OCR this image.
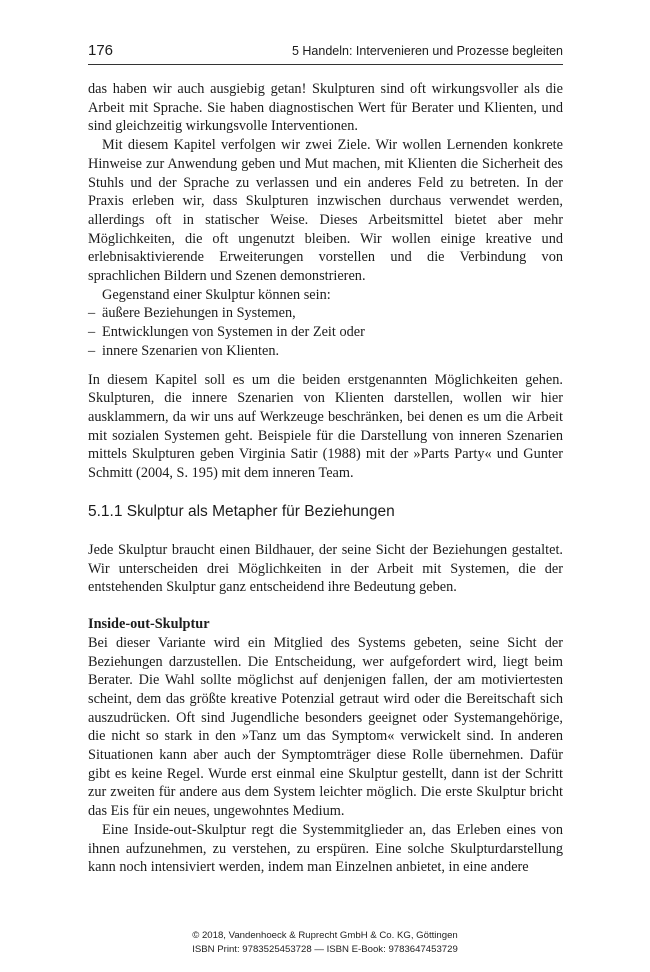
176	5 Handeln: Intervenieren und Prozesse begleiten

das haben wir auch ausgiebig getan! Skulpturen sind oft wirkungsvoller als die Arbeit mit Sprache. Sie haben diagnostischen Wert für Berater und Klienten, und sind gleichzeitig wirkungsvolle Interventionen.

Mit diesem Kapitel verfolgen wir zwei Ziele. Wir wollen Lernenden konkrete Hinweise zur Anwendung geben und Mut machen, mit Klienten die Sicherheit des Stuhls und der Sprache zu verlassen und ein anderes Feld zu betreten. In der Praxis erleben wir, dass Skulpturen inzwischen durchaus verwendet werden, allerdings oft in statischer Weise. Dieses Arbeitsmittel bietet aber mehr Möglichkeiten, die oft ungenutzt bleiben. Wir wollen einige kreative und erlebnisaktivierende Erweiterungen vorstellen und die Verbindung von sprachlichen Bildern und Szenen demonstrieren.

Gegenstand einer Skulptur können sein:

– äußere Beziehungen in Systemen,
– Entwicklungen von Systemen in der Zeit oder
– innere Szenarien von Klienten.

In diesem Kapitel soll es um die beiden erstgenannten Möglichkeiten gehen. Skulpturen, die innere Szenarien von Klienten darstellen, wollen wir hier ausklammern, da wir uns auf Werkzeuge beschränken, bei denen es um die Arbeit mit sozialen Systemen geht. Beispiele für die Darstellung von inneren Szenarien mittels Skulpturen geben Virginia Satir (1988) mit der »Parts Party« und Gunter Schmitt (2004, S. 195) mit dem inneren Team.

5.1.1 Skulptur als Metapher für Beziehungen

Jede Skulptur braucht einen Bildhauer, der seine Sicht der Beziehungen gestaltet. Wir unterscheiden drei Möglichkeiten in der Arbeit mit Systemen, die der entstehenden Skulptur ganz entscheidend ihre Bedeutung geben.

Inside-out-Skulptur

Bei dieser Variante wird ein Mitglied des Systems gebeten, seine Sicht der Beziehungen darzustellen. Die Entscheidung, wer aufgefordert wird, liegt beim Berater. Die Wahl sollte möglichst auf denjenigen fallen, der am motiviertesten scheint, dem das größte kreative Potenzial getraut wird oder die Bereitschaft sich auszudrücken. Oft sind Jugendliche besonders geeignet oder Systemangehörige, die nicht so stark in den »Tanz um das Symptom« verwickelt sind. In anderen Situationen kann aber auch der Symptomträger diese Rolle übernehmen. Dafür gibt es keine Regel. Wurde erst einmal eine Skulptur gestellt, dann ist der Schritt zur zweiten für andere aus dem System leichter möglich. Die erste Skulptur bricht das Eis für ein neues, ungewohntes Medium.

Eine Inside-out-Skulptur regt die Systemmitglieder an, das Erleben eines von ihnen aufzunehmen, zu verstehen, zu erspüren. Eine solche Skulpturdarstellung kann noch intensiviert werden, indem man Einzelnen anbietet, in eine andere

© 2018, Vandenhoeck & Ruprecht GmbH & Co. KG, Göttingen
ISBN Print: 9783525453728 — ISBN E-Book: 9783647453729
